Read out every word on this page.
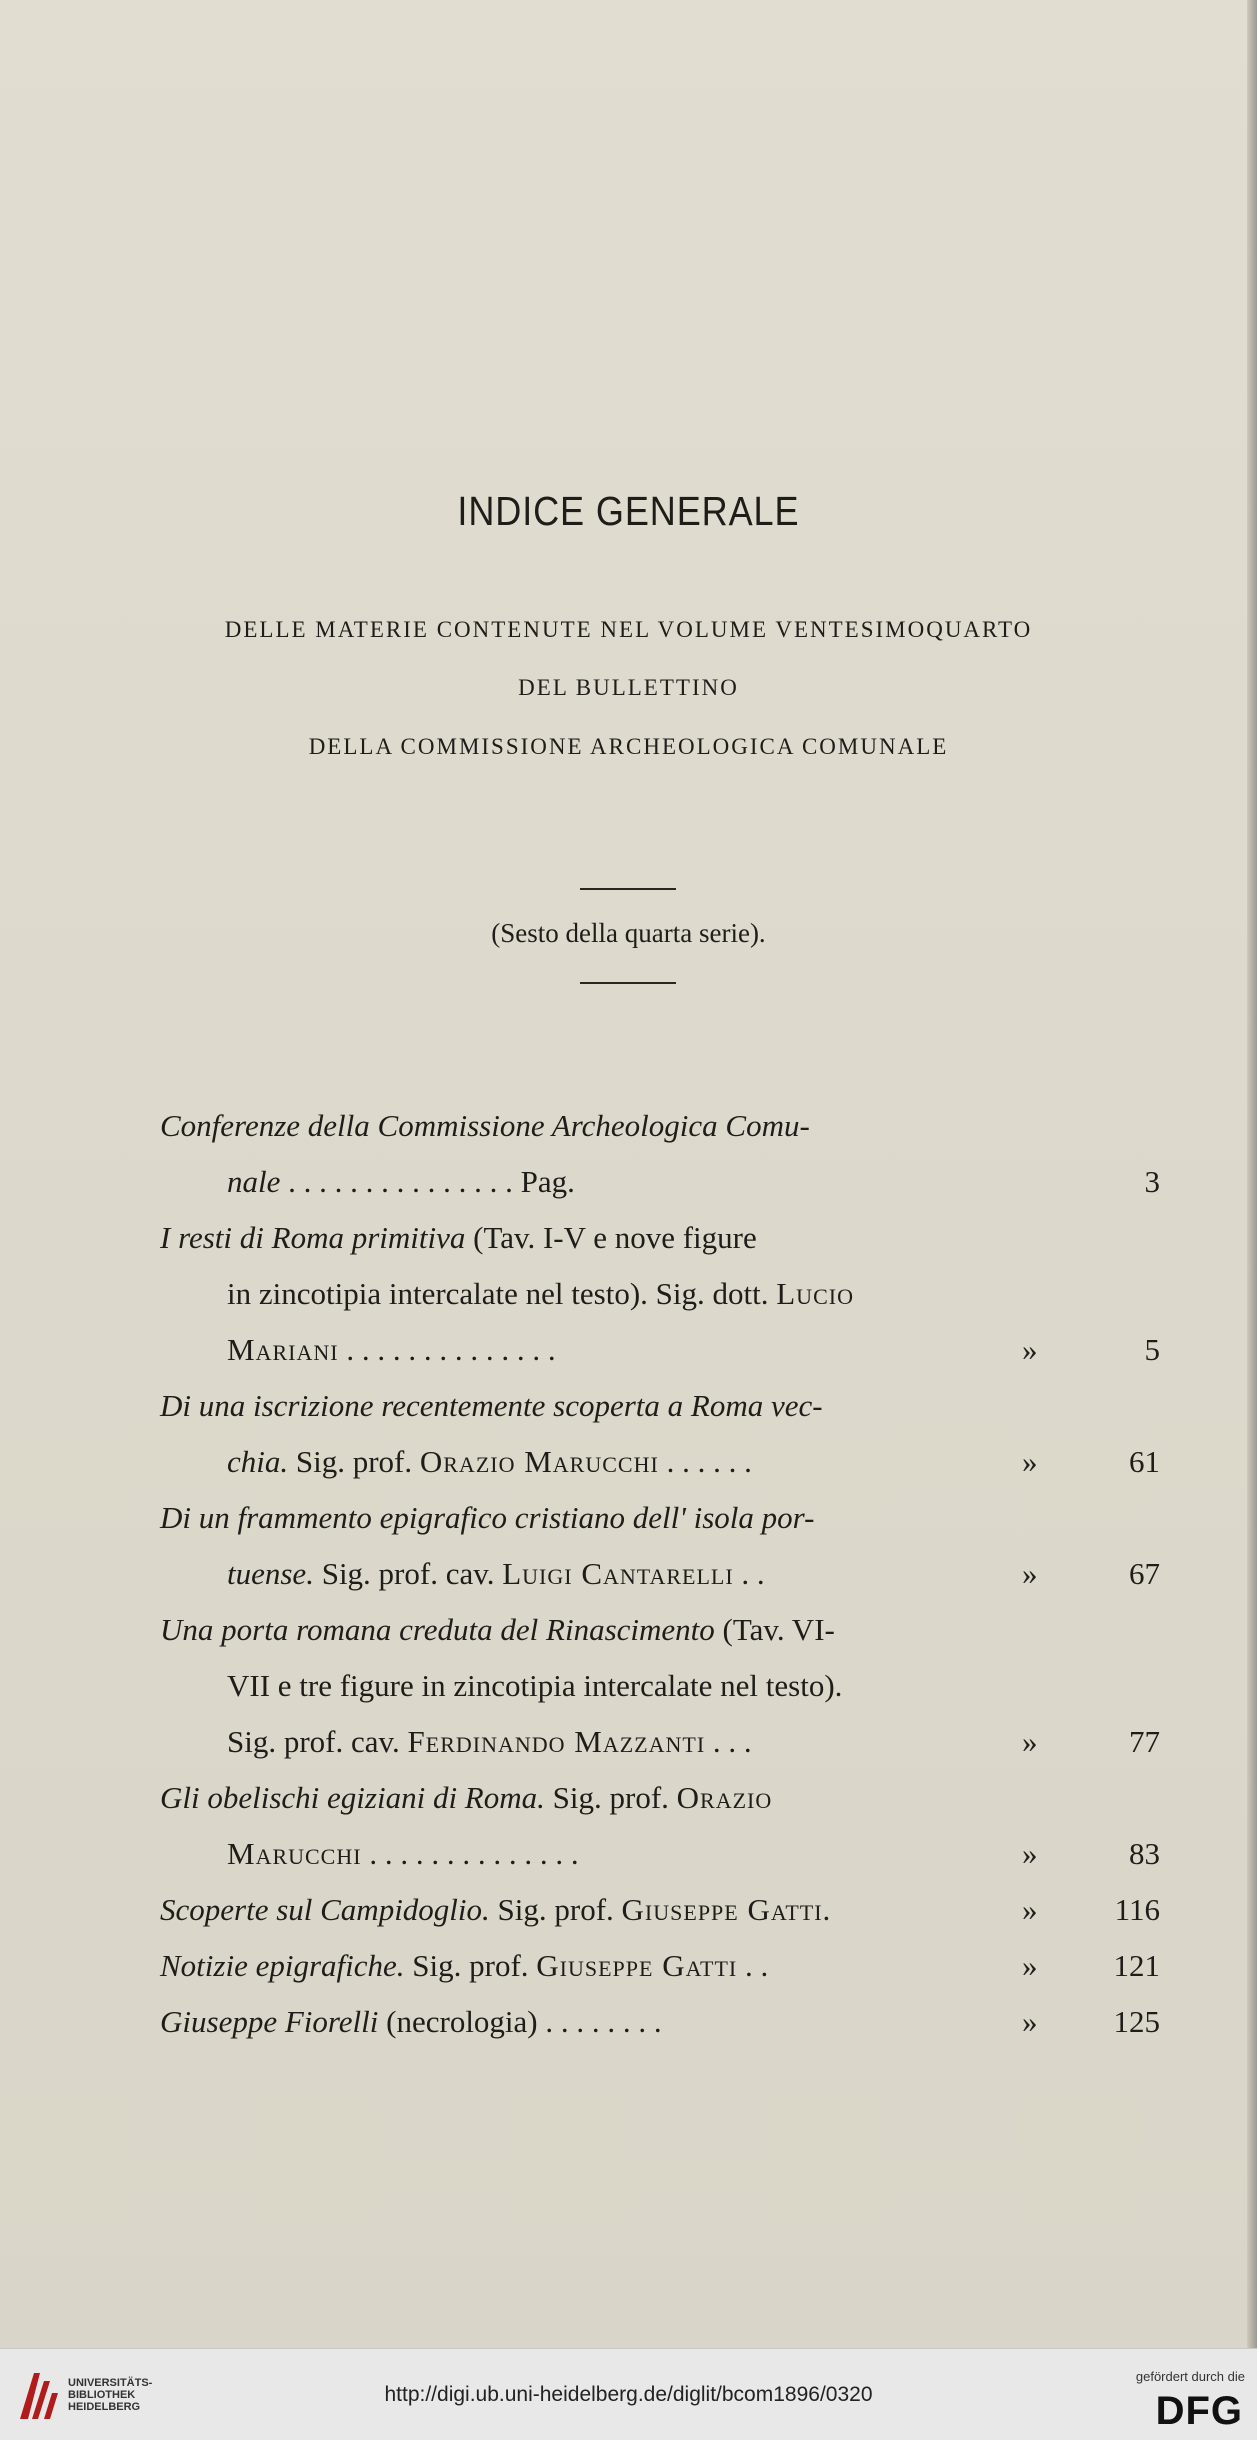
INDICE GENERALE
DELLE MATERIE CONTENUTE NEL VOLUME VENTESIMOQUARTO
DEL BULLETTINO
DELLA COMMISSIONE ARCHEOLOGICA COMUNALE
(Sesto della quarta serie).
Conferenze della Commissione Archeologica Comu-
nale . . . . . . . . . . . . . . . Pag.	3
I resti di Roma primitiva (Tav. I-V e nove figure
in zincotipia intercalate nel testo). Sig. dott. Lucio
Mariani . . . . . . . . . . . . . .	»	5
Di una iscrizione recentemente scoperta a Roma vec-
chia. Sig. prof. Orazio Marucchi . . . . . .	»	61
Di un frammento epigrafico cristiano dell' isola por-
tuense. Sig. prof. cav. Luigi Cantarelli . .	»	67
Una porta romana creduta del Rinascimento (Tav. VI-
VII e tre figure in zincotipia intercalate nel testo).
Sig. prof. cav. Ferdinando Mazzanti . . .	»	77
Gli obelischi egiziani di Roma. Sig. prof. Orazio
Marucchi . . . . . . . . . . . . . .	»	83
Scoperte sul Campidoglio. Sig. prof. Giuseppe Gatti.	»	116
Notizie epigrafiche. Sig. prof. Giuseppe Gatti . .	»	121
Giuseppe Fiorelli (necrologia) . . . . . . . .	»	125
UNIVERSITÄTS-
BIBLIOTHEK
HEIDELBERG
http://digi.ub.uni-heidelberg.de/diglit/bcom1896/0320
gefördert durch die
DFG
